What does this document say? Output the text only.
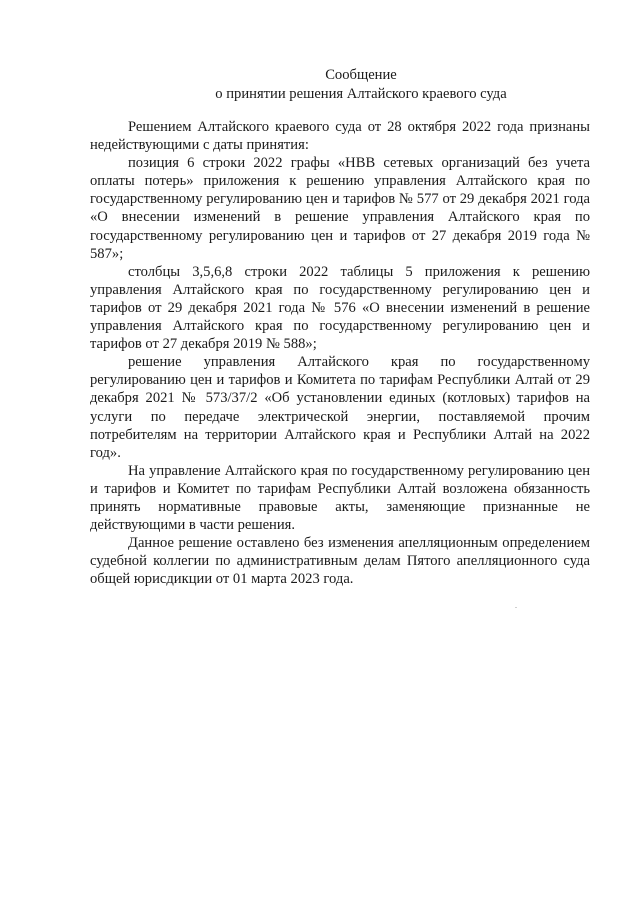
Сообщение
о принятии решения Алтайского краевого суда

Решением Алтайского краевого суда от 28 октября 2022 года признаны недействующими с даты принятия:

позиция 6 строки 2022 графы «НВВ сетевых организаций без учета оплаты потерь» приложения к решению управления Алтайского края по государственному регулированию цен и тарифов № 577 от 29 декабря 2021 года «О внесении изменений в решение управления Алтайского края по государственному регулированию цен и тарифов от 27 декабря 2019 года № 587»;

столбцы 3,5,6,8 строки 2022 таблицы 5 приложения к решению управления Алтайского края по государственному регулированию цен и тарифов от 29 декабря 2021 года № 576 «О внесении изменений в решение управления Алтайского края по государственному регулированию цен и тарифов от 27 декабря 2019 № 588»;

решение управления Алтайского края по государственному регулированию цен и тарифов и Комитета по тарифам Республики Алтай от 29 декабря 2021 № 573/37/2 «Об установлении единых (котловых) тарифов на услуги по передаче электрической энергии, поставляемой прочим потребителям на территории Алтайского края и Республики Алтай на 2022 год».

На управление Алтайского края по государственному регулированию цен и тарифов и Комитет по тарифам Республики Алтай возложена обязанность принять нормативные правовые акты, заменяющие признанные не действующими в части решения.

Данное решение оставлено без изменения апелляционным определением судебной коллегии по административным делам Пятого апелляционного суда общей юрисдикции от 01 марта 2023 года.
